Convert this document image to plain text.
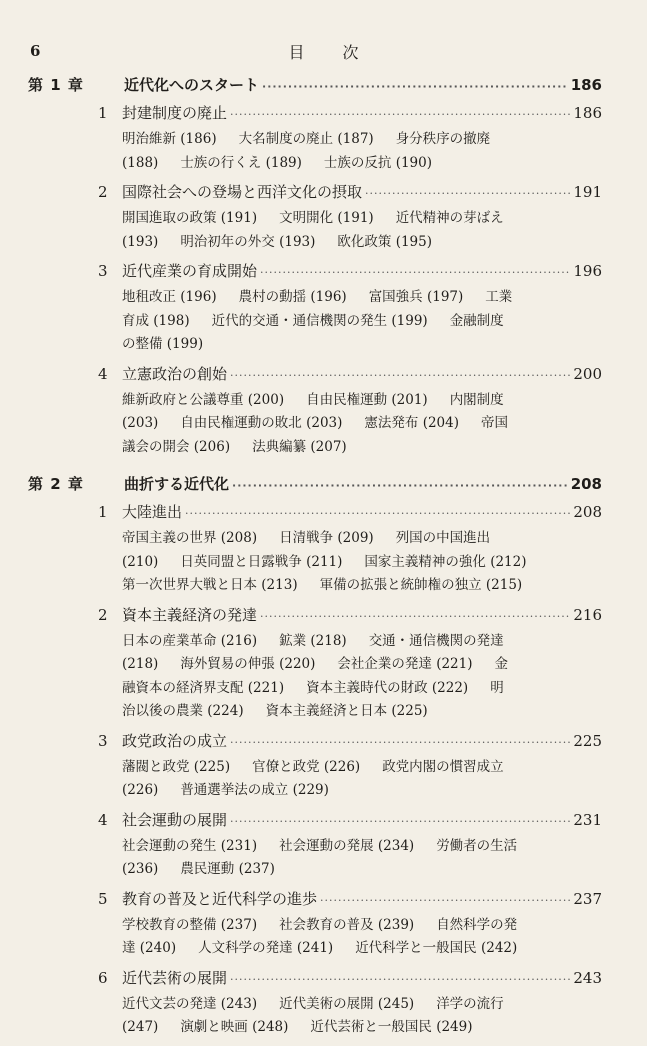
6	目次
第 1 章	近代化へのスタート ·····	186
1 封建制度の廃止 ·····	186
明治維新 (186) 大名制度の廃止 (187) 身分秩序の撤廃
(188) 士族の行くえ (189) 士族の反抗 (190)
2 国際社会への登場と西洋文化の摂取 ·····	191
開国進取の政策 (191) 文明開化 (191) 近代精神の芽ばえ
(193) 明治初年の外交 (193) 欧化政策 (195)
3 近代産業の育成開始 ·····	196
地租改正 (196) 農村の動揺 (196) 富国強兵 (197) 工業
育成 (198) 近代的交通・通信機関の発生 (199) 金融制度
の整備 (199)
4 立憲政治の創始 ·····	200
維新政府と公議尊重 (200) 自由民権運動 (201) 内閣制度
(203) 自由民権運動の敗北 (203) 憲法発布 (204) 帝国
議会の開会 (206) 法典編纂 (207)
第 2 章	曲折する近代化 ·····	208
1 大陸進出 ·····	208
帝国主義の世界 (208) 日清戦争 (209) 列国の中国進出
(210) 日英同盟と日露戦争 (211) 国家主義精神の強化 (212)
第一次世界大戦と日本 (213) 軍備の拡張と統帥権の独立 (215)
2 資本主義経済の発達 ·····	216
日本の産業革命 (216) 鉱業 (218) 交通・通信機関の発達
(218) 海外貿易の伸張 (220) 会社企業の発達 (221) 金
融資本の経済界支配 (221) 資本主義時代の財政 (222) 明
治以後の農業 (224) 資本主義経済と日本 (225)
3 政党政治の成立 ·····	225
藩閥と政党 (225) 官僚と政党 (226) 政党内閣の慣習成立
(226) 普通選挙法の成立 (229)
4 社会運動の展開 ·····	231
社会運動の発生 (231) 社会運動の発展 (234) 労働者の生活
(236) 農民運動 (237)
5 教育の普及と近代科学の進歩 ·····	237
学校教育の整備 (237) 社会教育の普及 (239) 自然科学の発
達 (240) 人文科学の発達 (241) 近代科学と一般国民 (242)
6 近代芸術の展開 ·····	243
近代文芸の発達 (243) 近代美術の展開 (245) 洋学の流行
(247) 演劇と映画 (248) 近代芸術と一般国民 (249)
